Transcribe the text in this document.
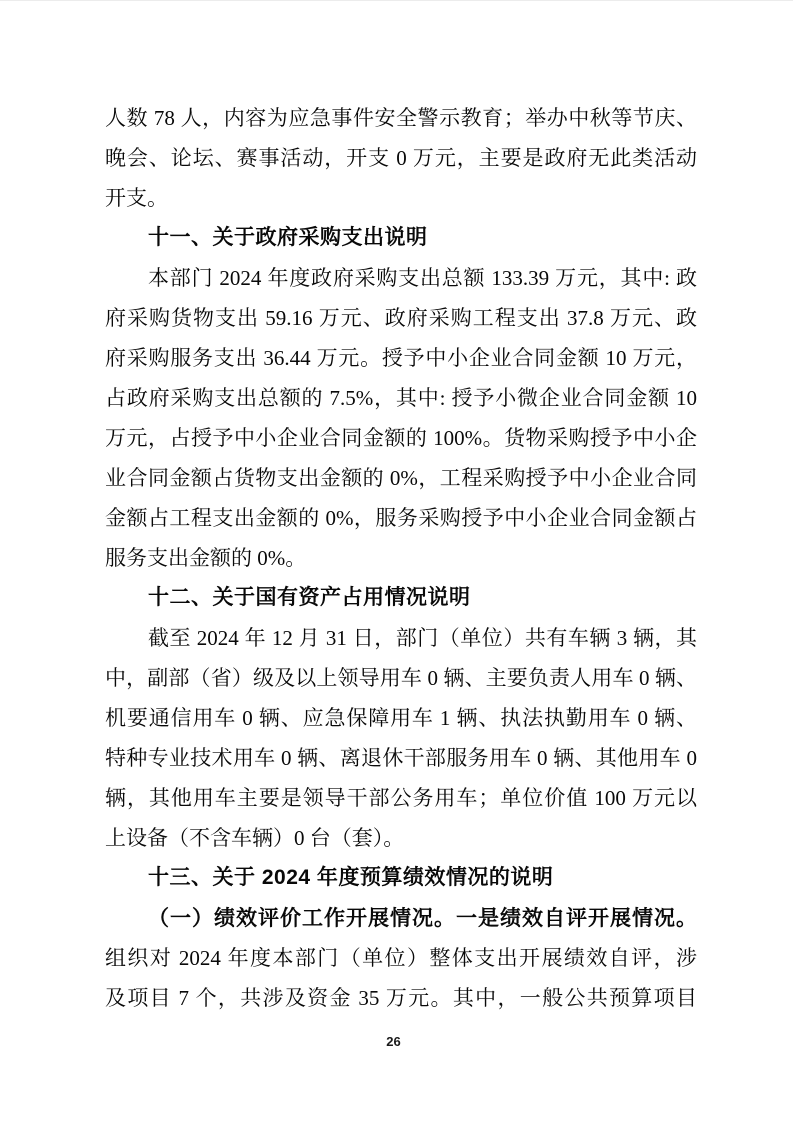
人数 78 人，内容为应急事件安全警示教育；举办中秋等节庆、
晚会、论坛、赛事活动，开支 0 万元，主要是政府无此类活动
开支。
十一、关于政府采购支出说明
本部门 2024 年度政府采购支出总额 133.39 万元，其中: 政
府采购货物支出 59.16 万元、政府采购工程支出 37.8 万元、政
府采购服务支出 36.44 万元。授予中小企业合同金额 10 万元，
占政府采购支出总额的 7.5%，其中: 授予小微企业合同金额 10
万元，占授予中小企业合同金额的 100%。货物采购授予中小企
业合同金额占货物支出金额的 0%，工程采购授予中小企业合同
金额占工程支出金额的 0%，服务采购授予中小企业合同金额占
服务支出金额的 0%。
十二、关于国有资产占用情况说明
截至 2024 年 12 月 31 日，部门（单位）共有车辆 3 辆，其
中，副部（省）级及以上领导用车 0 辆、主要负责人用车 0 辆、
机要通信用车 0 辆、应急保障用车 1 辆、执法执勤用车 0 辆、
特种专业技术用车 0 辆、离退休干部服务用车 0 辆、其他用车 0
辆，其他用车主要是领导干部公务用车；单位价值 100 万元以
上设备（不含车辆）0 台（套）。
十三、关于 2024 年度预算绩效情况的说明
（一）绩效评价工作开展情况。一是绩效自评开展情况。
组织对 2024 年度本部门（单位）整体支出开展绩效自评，涉
及项目 7 个，共涉及资金 35 万元。其中，一般公共预算项目
26
